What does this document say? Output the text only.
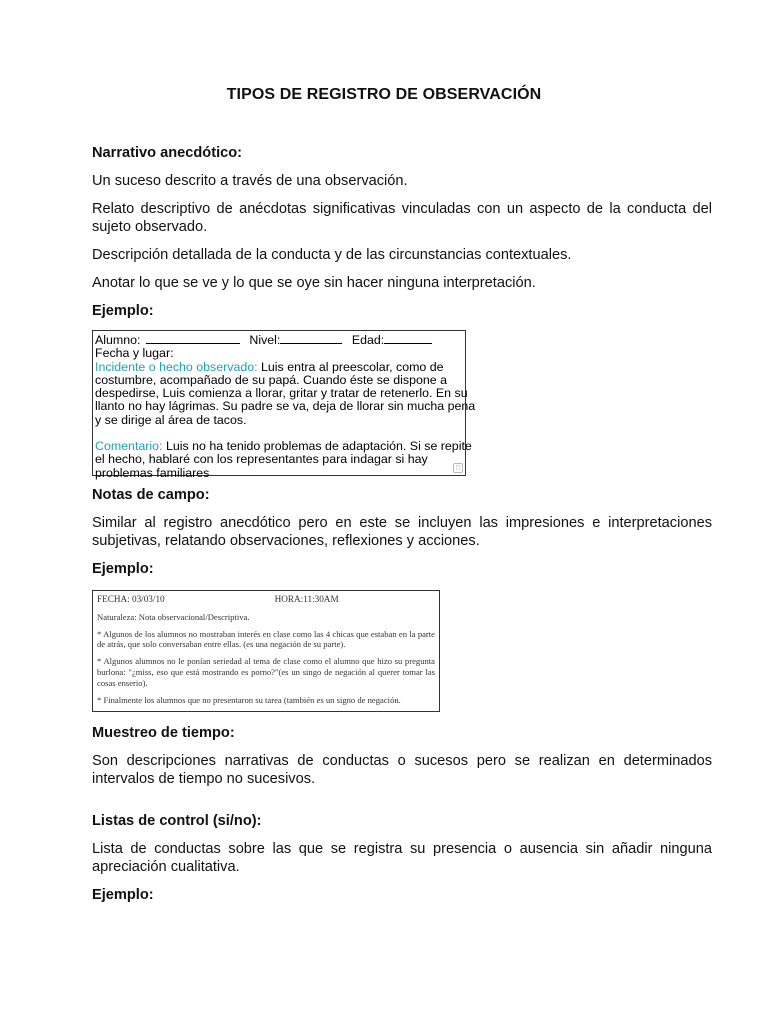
TIPOS DE REGISTRO DE OBSERVACIÓN
Narrativo anecdótico:
Un suceso descrito a través de una observación.
Relato descriptivo de anécdotas significativas vinculadas con un aspecto de la conducta del sujeto observado.
Descripción detallada de la conducta y de las circunstancias contextuales.
Anotar lo que se ve y lo que se oye sin hacer ninguna interpretación.
Ejemplo:
Alumno:	Nivel:	Edad:
Fecha y lugar:
Incidente o hecho observado: Luis entra al preescolar, como de
costumbre, acompañado de su papá. Cuando éste se dispone a
despedirse, Luis comienza a llorar, gritar y tratar de retenerlo. En su
llanto no hay lágrimas. Su padre se va, deja de llorar sin mucha pena
y se dirige al área de tacos.
Comentario: Luis no ha tenido problemas de adaptación. Si se repite
el hecho, hablaré con los representantes para indagar si hay
problemas familiares	◻
Notas de campo:
Similar al registro anecdótico pero en este se incluyen las impresiones e interpretaciones subjetivas, relatando observaciones, reflexiones y acciones.
Ejemplo:
FECHA: 03/03/10	HORA:11:30AM
Naturaleza: Nota observacional/Descriptiva.
* Algunos de los alumnos no mostraban interés en clase como las 4 chicas que estaban en la parte de atrás, que solo conversaban entre ellas. (es una negación de su parte).
* Algunos alumnos no le ponían seriedad al tema de clase como el alumno que hizo su pregunta burlona: "¿miss, eso que está mostrando es porno?"(es un singo de negación al querer tomar las cosas enserio).
* Finalmente los alumnos que no presentaron su tarea (también es un signo de negación.
Muestreo de tiempo:
Son descripciones narrativas de conductas o sucesos pero se realizan en determinados intervalos de tiempo no sucesivos.
Listas de control (si/no):
Lista de conductas sobre las que se registra su presencia o ausencia sin añadir ninguna apreciación cualitativa.
Ejemplo:
